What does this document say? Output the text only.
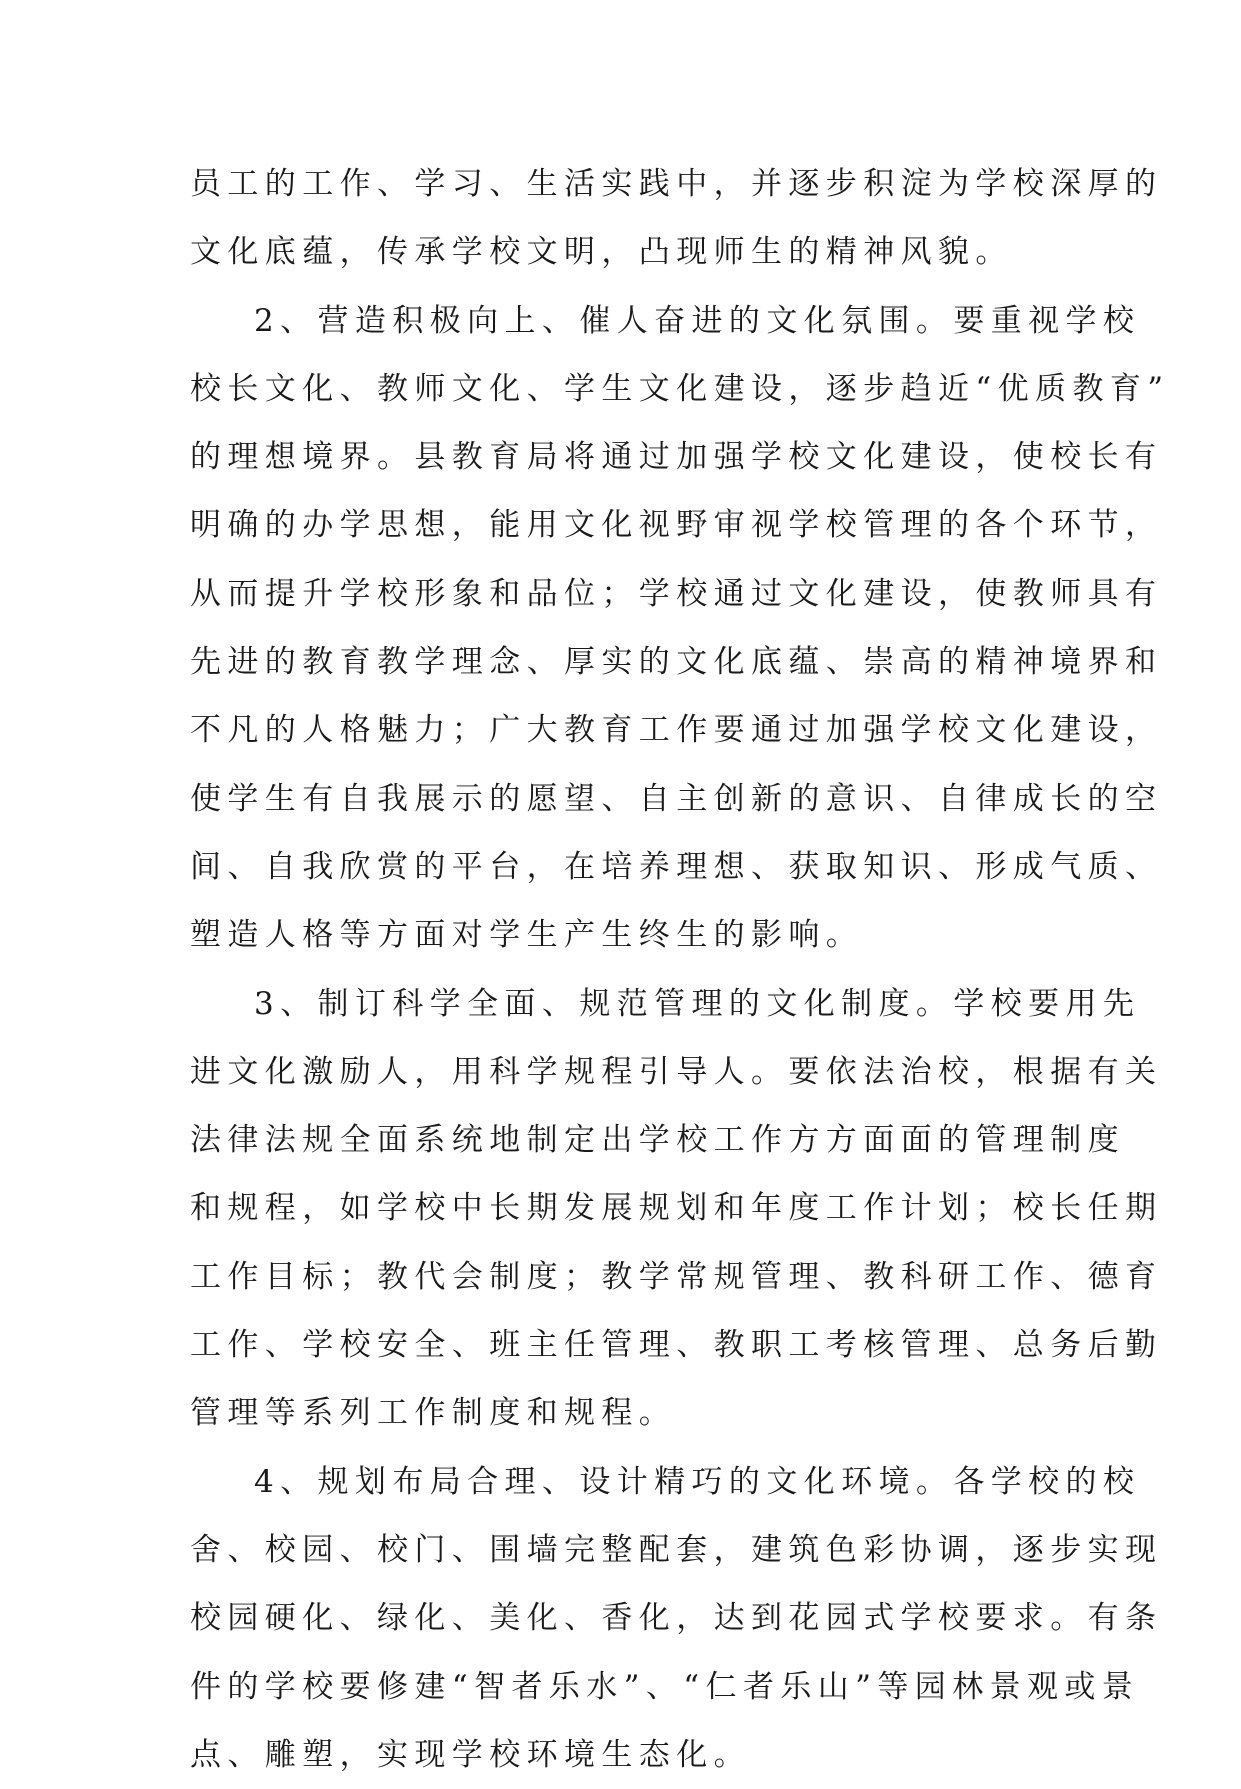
员工的工作、学习、生活实践中，并逐步积淀为学校深厚的
文化底蕴，传承学校文明，凸现师生的精神风貌。
2、营造积极向上、催人奋进的文化氛围。要重视学校
校长文化、教师文化、学生文化建设，逐步趋近“优质教育”
的理想境界。县教育局将通过加强学校文化建设，使校长有
明确的办学思想，能用文化视野审视学校管理的各个环节，
从而提升学校形象和品位；学校通过文化建设，使教师具有
先进的教育教学理念、厚实的文化底蕴、崇高的精神境界和
不凡的人格魅力；广大教育工作要通过加强学校文化建设，
使学生有自我展示的愿望、自主创新的意识、自律成长的空
间、自我欣赏的平台，在培养理想、获取知识、形成气质、
塑造人格等方面对学生产生终生的影响。
3、制订科学全面、规范管理的文化制度。学校要用先
进文化激励人，用科学规程引导人。要依法治校，根据有关
法律法规全面系统地制定出学校工作方方面面的管理制度
和规程，如学校中长期发展规划和年度工作计划；校长任期
工作目标；教代会制度；教学常规管理、教科研工作、德育
工作、学校安全、班主任管理、教职工考核管理、总务后勤
管理等系列工作制度和规程。
4、规划布局合理、设计精巧的文化环境。各学校的校
舍、校园、校门、围墙完整配套，建筑色彩协调，逐步实现
校园硬化、绿化、美化、香化，达到花园式学校要求。有条
件的学校要修建“智者乐水”、“仁者乐山”等园林景观或景
点、雕塑，实现学校环境生态化。
